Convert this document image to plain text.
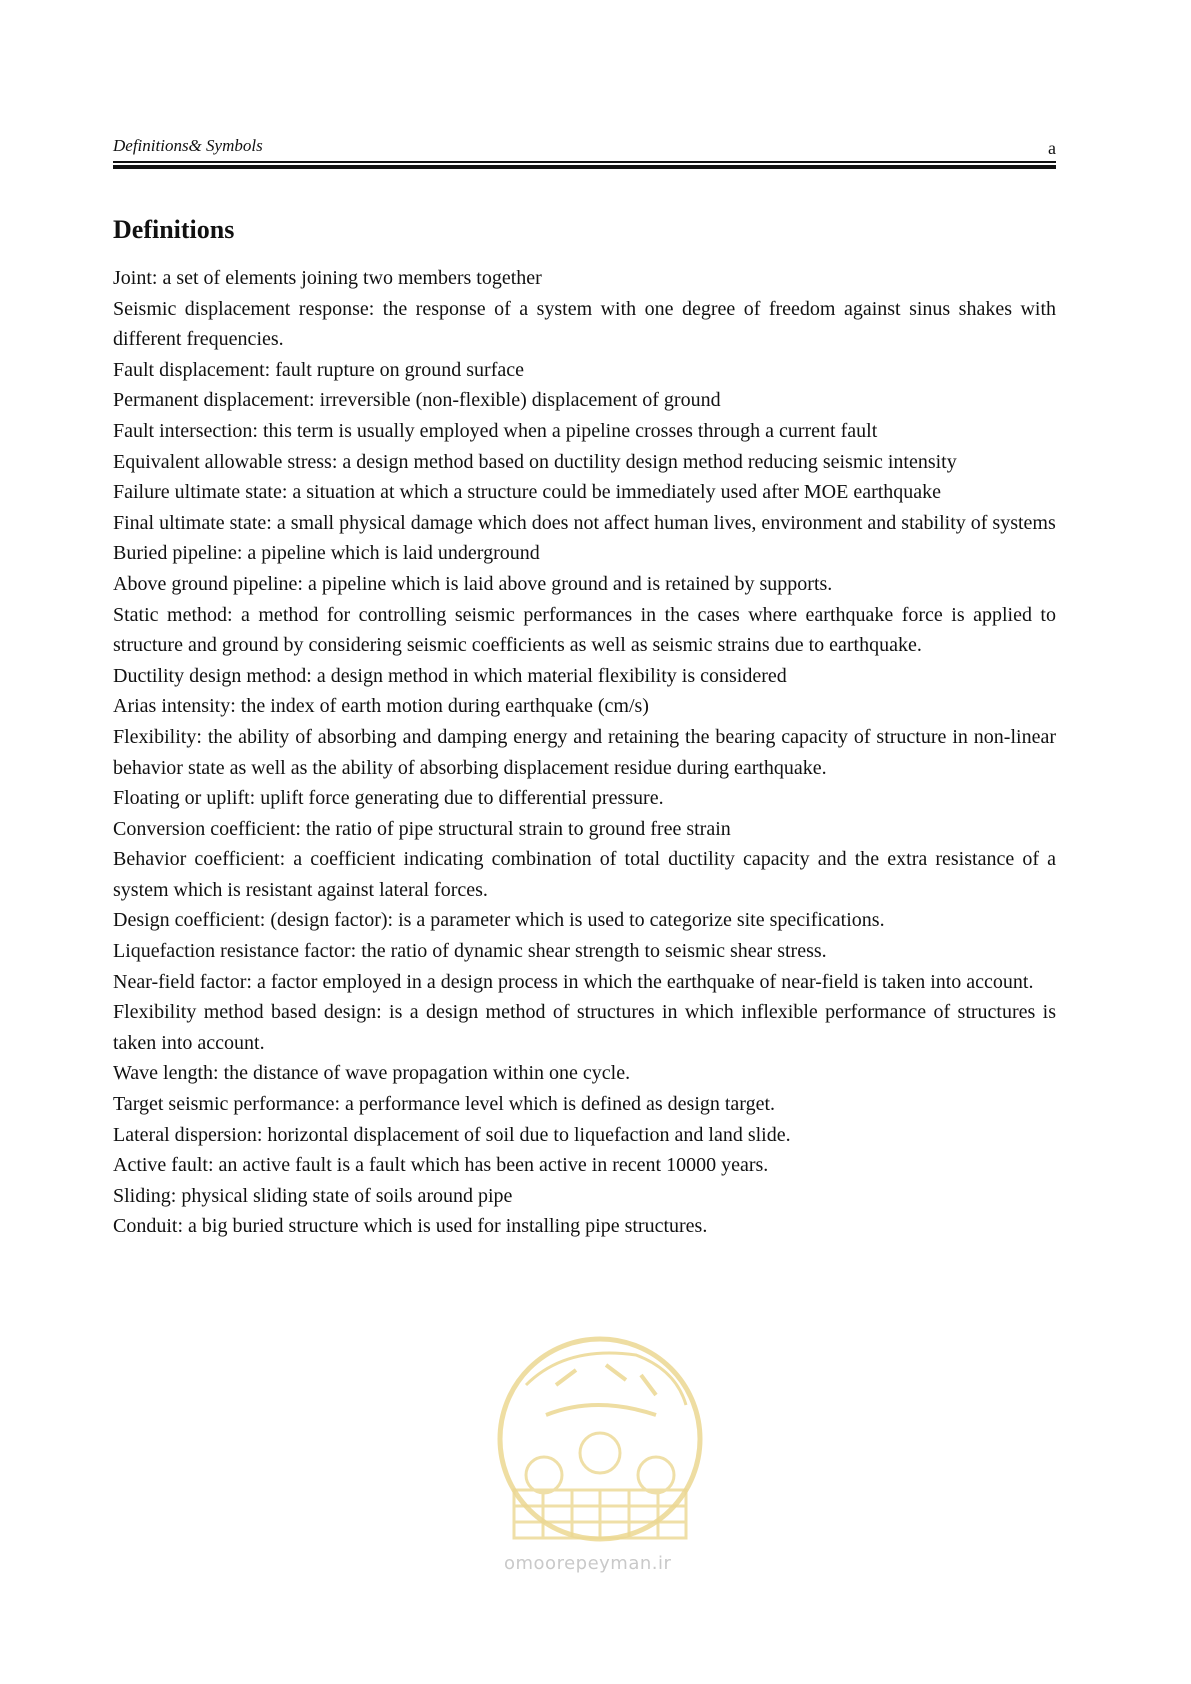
Definitions& Symbols	a
Definitions

Joint: a set of elements joining two members together

Seismic displacement response: the response of a system with one degree of freedom against sinus shakes with different frequencies.

Fault displacement: fault rupture on ground surface

Permanent displacement: irreversible (non-flexible) displacement of ground

Fault intersection: this term is usually employed when a pipeline crosses through a current fault

Equivalent allowable stress: a design method based on ductility design method reducing seismic intensity

Failure ultimate state: a situation at which a structure could be immediately used after MOE earthquake

Final ultimate state: a small physical damage which does not affect human lives, environment and stability of systems

Buried pipeline: a pipeline which is laid underground

Above ground pipeline: a pipeline which is laid above ground and is retained by supports.

Static method: a method for controlling seismic performances in the cases where earthquake force is applied to structure and ground by considering seismic coefficients as well as seismic strains due to earthquake.

Ductility design method: a design method in which material flexibility is considered

Arias intensity: the index of earth motion during earthquake (cm/s)

Flexibility: the ability of absorbing and damping energy and retaining the bearing capacity of structure in non-linear behavior state as well as the ability of absorbing displacement residue during earthquake.

Floating or uplift: uplift force generating due to differential pressure.

Conversion coefficient: the ratio of pipe structural strain to ground free strain

Behavior coefficient: a coefficient indicating combination of total ductility capacity and the extra resistance of a system which is resistant against lateral forces.

Design coefficient: (design factor): is a parameter which is used to categorize site specifications.

Liquefaction resistance factor: the ratio of dynamic shear strength to seismic shear stress.

Near-field factor: a factor employed in a design process in which the earthquake of near-field is taken into account.

Flexibility method based design: is a design method of structures in which inflexible performance of structures is taken into account.

Wave length: the distance of wave propagation within one cycle.

Target seismic performance: a performance level which is defined as design target.

Lateral dispersion: horizontal displacement of soil due to liquefaction and land slide.

Active fault: an active fault is a fault which has been active in recent 10000 years.

Sliding: physical sliding state of soils around pipe

Conduit: a big buried structure which is used for installing pipe structures.

omoorepeyman.ir
